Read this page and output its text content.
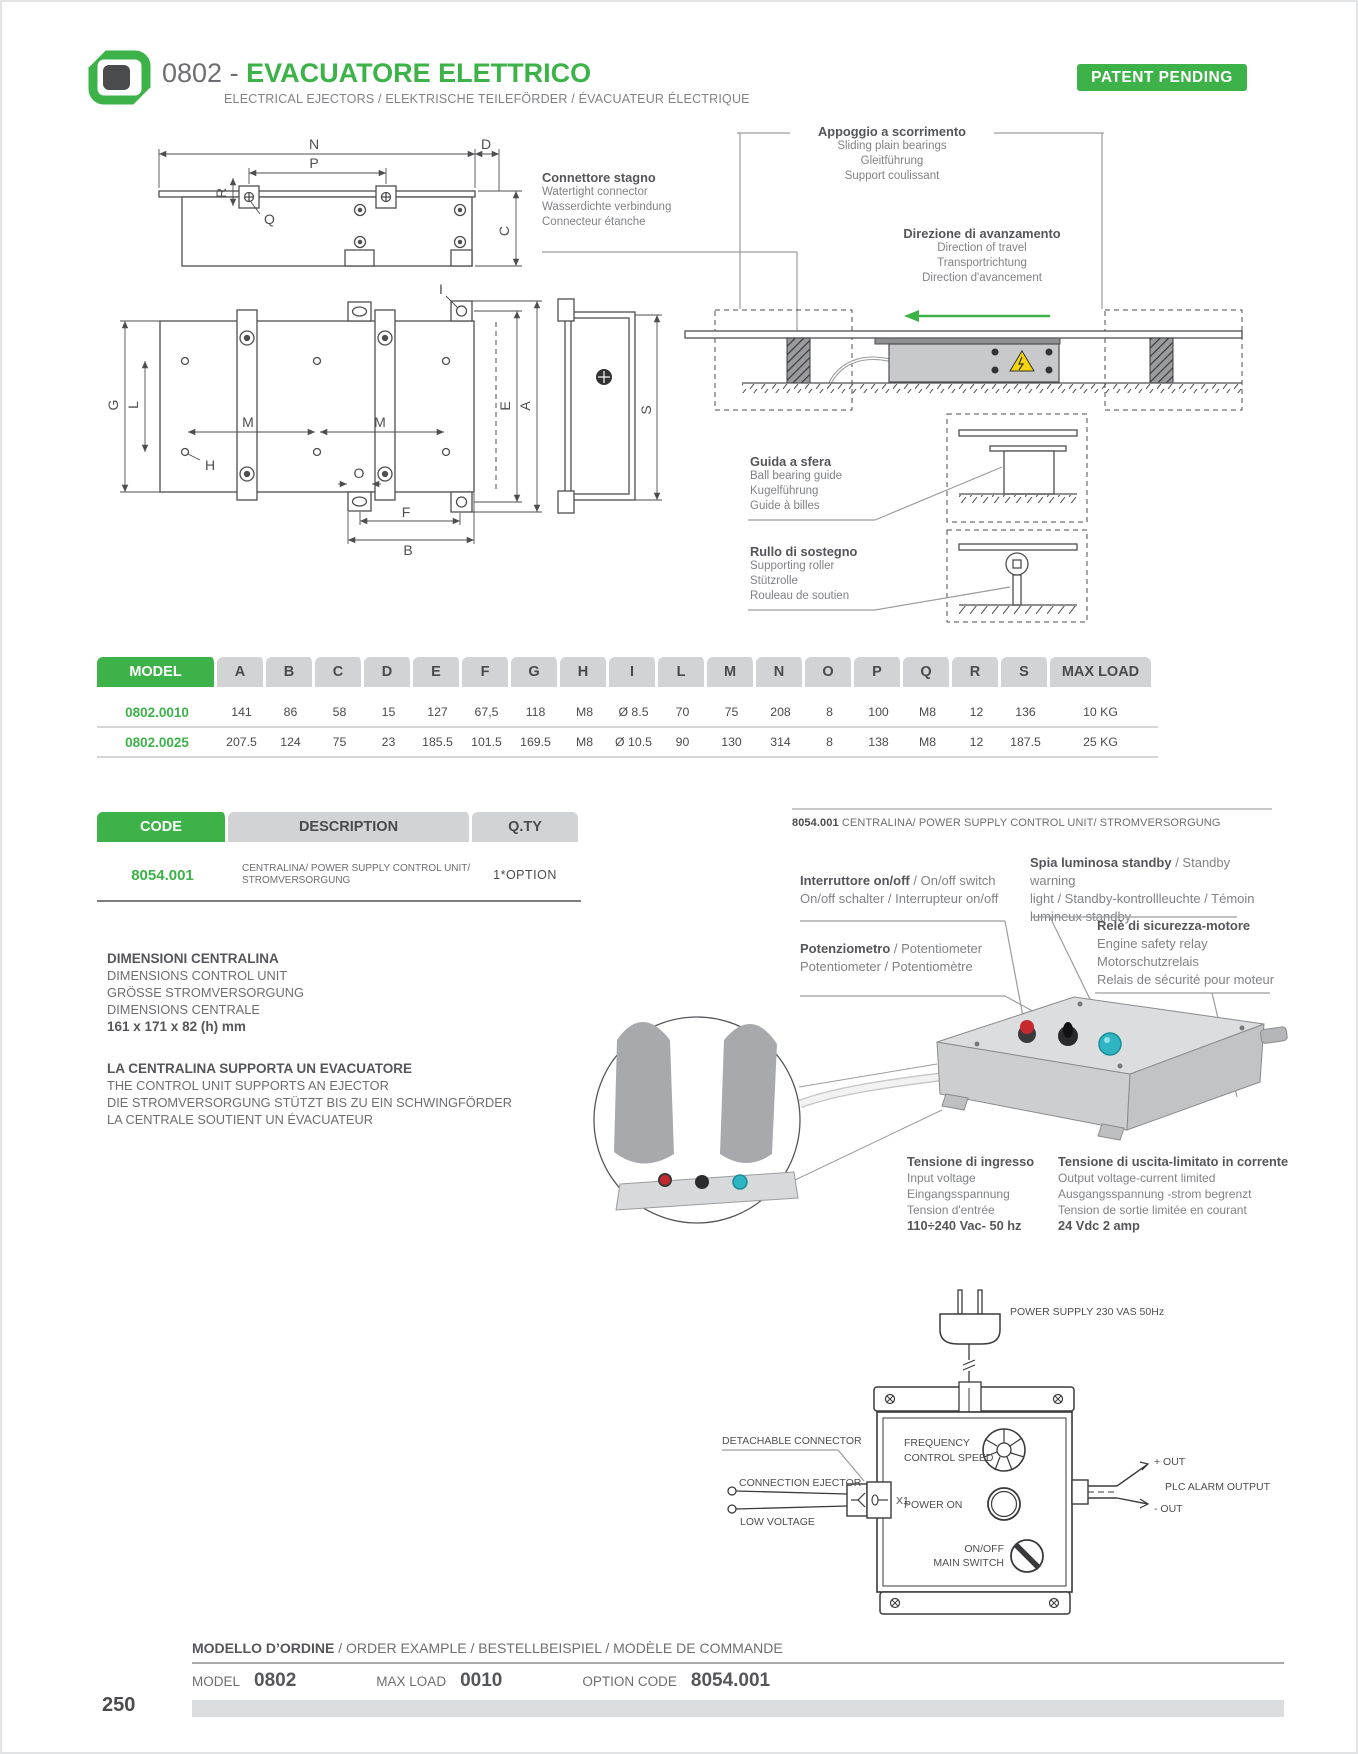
0802 - EVACUATORE ELETTRICO
ELECTRICAL EJECTORS / ELEKTRISCHE TEILEFÖRDER / ÉVACUATEUR ÉLECTRIQUE
PATENT PENDING
N
P
D
R
Q
C
G L
M	M
H	O
F
B
E A
I
S
Connettore stagno
Watertight connector
Wasserdichte verbindung
Connecteur étanche
Appoggio a scorrimento
Sliding plain bearings
Gleitführung
Support coulissant
Direzione di avanzamento
Direction of travel
Transportrichtung
Direction d'avancement
Guida a sfera
Ball bearing guide
Kugelführung
Guide à billes
Rullo di sostegno
Supporting roller
Stützrolle
Rouleau de soutien
MODEL	A	B	C	D	E	F	G	H	I	L	M	N	O	P	Q	R	S	MAX LOAD
0802.0010	141	86	58	15	127	67,5	118	M8	Ø 8.5	70	75	208	8	100	M8	12	136	10 KG
0802.0025	207.5	124	75	23	185.5	101.5	169.5	M8	Ø 10.5	90	130	314	8	138	M8	12	187.5	25 KG
CODE	DESCRIPTION	Q.TY
8054.001	CENTRALINA/ POWER SUPPLY CONTROL UNIT/ STROMVERSORGUNG	1*OPTION
DIMENSIONI CENTRALINA
DIMENSIONS CONTROL UNIT
GRÖSSE STROMVERSORGUNG
DIMENSIONS CENTRALE
161 x 171 x 82 (h) mm
LA CENTRALINA SUPPORTA UN EVACUATORE
THE CONTROL UNIT SUPPORTS AN EJECTOR
DIE STROMVERSORGUNG STÜTZT BIS ZU EIN SCHWINGFÖRDER
LA CENTRALE SOUTIENT UN ÉVACUATEUR
8054.001 CENTRALINA/ POWER SUPPLY CONTROL UNIT/ STROMVERSORGUNG
Interruttore on/off / On/off switch
On/off schalter / Interrupteur on/off
Spia luminosa standby / Standby warning
light / Standby-kontrollleuchte / Témoin
lumineux standby
Potenziometro / Potentiometer
Potentiometer / Potentiomètre
Relè di sicurezza-motore
Engine safety relay
Motorschutzrelais
Relais de sécurité pour moteur
Tensione di ingresso
Input voltage
Eingangsspannung
Tension d'entrée
110÷240 Vac- 50 hz
Tensione di uscita-limitato in corrente
Output voltage-current limited
Ausgangsspannung -strom begrenzt
Tension de sortie limitée en courant
24 Vdc 2 amp
POWER SUPPLY 230 VAS 50Hz
FREQUENCY
CONTROL SPEED
POWER ON
ON/OFF
MAIN SWITCH
DETACHABLE CONNECTOR
CONNECTION EJECTOR
LOW VOLTAGE
X1
+ OUT
PLC ALARM OUTPUT
- OUT
MODELLO D’ORDINE / ORDER EXAMPLE / BESTELLBEISPIEL / MODÈLE DE COMMANDE
MODEL 0802	MAX LOAD 0010	OPTION CODE 8054.001
250
